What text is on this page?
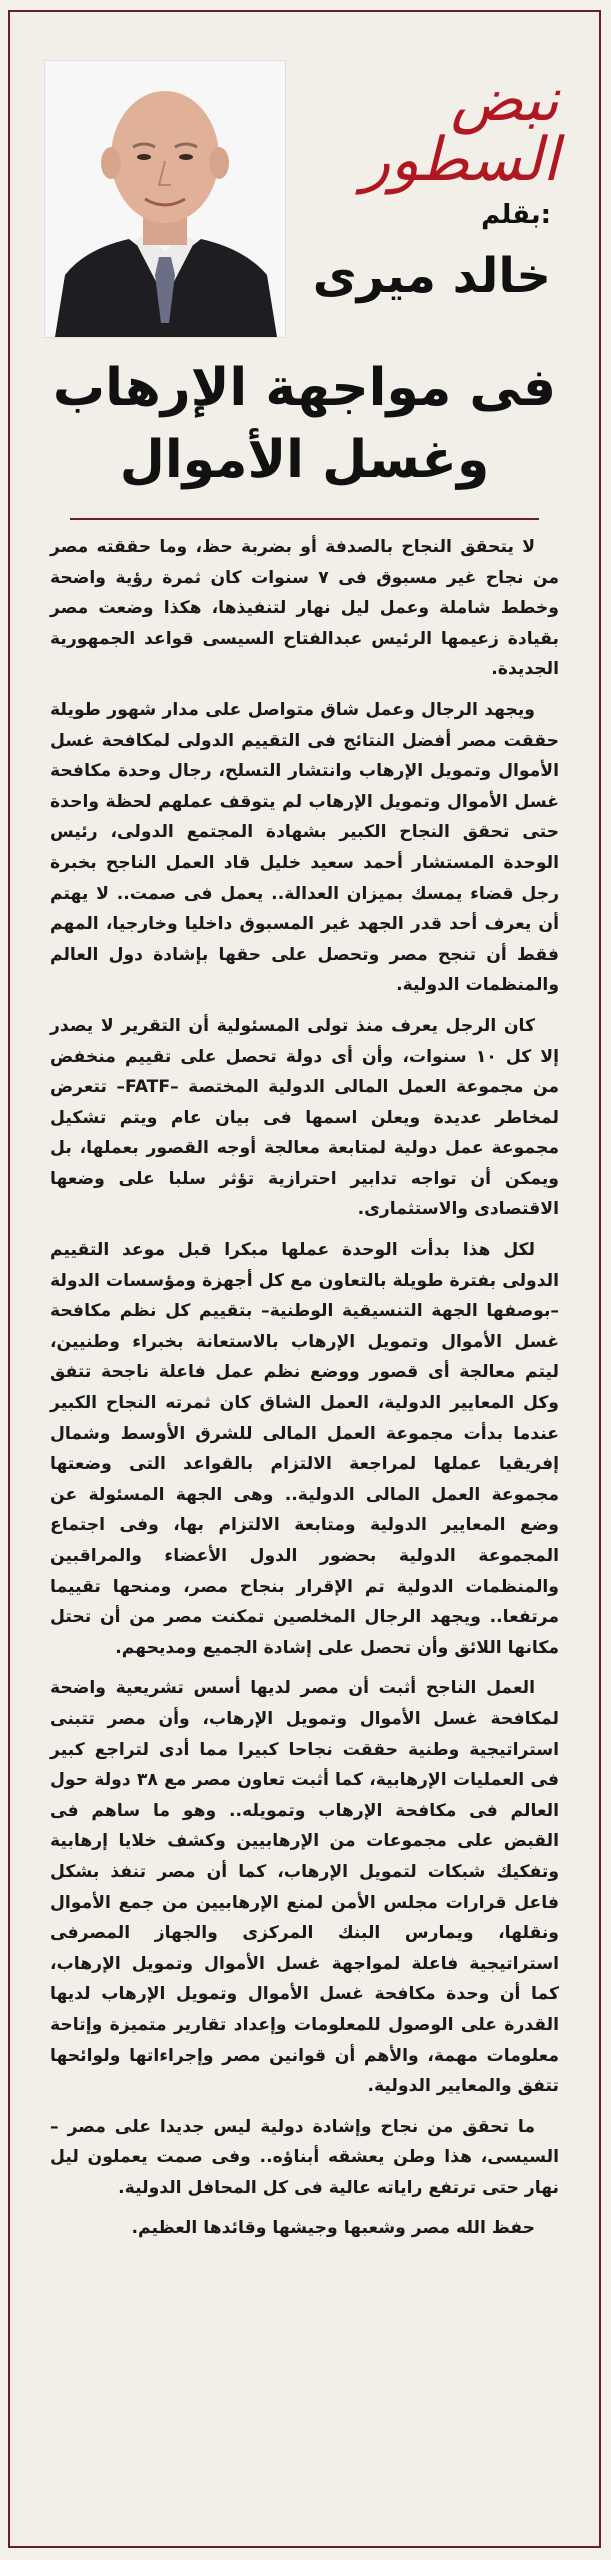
نبض السطور
بقلم:
خالد ميرى
فى مواجهة الإرهاب
وغسل الأموال

لا يتحقق النجاح بالصدفة أو بضربة حظ، وما حققته مصر من نجاح غير مسبوق فى ٧ سنوات كان ثمرة رؤية واضحة وخطط شاملة وعمل ليل نهار لتنفيذها، هكذا وضعت مصر بقيادة زعيمها الرئيس عبدالفتاح السيسى قواعد الجمهورية الجديدة.

ويجهد الرجال وعمل شاق متواصل على مدار شهور طويلة حققت مصر أفضل النتائج فى التقييم الدولى لمكافحة غسل الأموال وتمويل الإرهاب وانتشار التسلح، رجال وحدة مكافحة غسل الأموال وتمويل الإرهاب لم يتوقف عملهم لحظة واحدة حتى تحقق النجاح الكبير بشهادة المجتمع الدولى، رئيس الوحدة المستشار أحمد سعيد خليل قاد العمل الناجح بخبرة رجل قضاء يمسك بميزان العدالة.. يعمل فى صمت.. لا يهتم أن يعرف أحد قدر الجهد غير المسبوق داخليا وخارجيا، المهم فقط أن تنجح مصر وتحصل على حقها بإشادة دول العالم والمنظمات الدولية.

كان الرجل يعرف منذ تولى المسئولية أن التقرير لا يصدر إلا كل ١٠ سنوات، وأن أى دولة تحصل على تقييم منخفض من مجموعة العمل المالى الدولية المختصة –FATF– تتعرض لمخاطر عديدة ويعلن اسمها فى بيان عام ويتم تشكيل مجموعة عمل دولية لمتابعة معالجة أوجه القصور بعملها، بل ويمكن أن تواجه تدابير احترازية تؤثر سلبا على وضعها الاقتصادى والاستثمارى.

لكل هذا بدأت الوحدة عملها مبكرا قبل موعد التقييم الدولى بفترة طويلة بالتعاون مع كل أجهزة ومؤسسات الدولة –بوصفها الجهة التنسيقية الوطنية– بتقييم كل نظم مكافحة غسل الأموال وتمويل الإرهاب بالاستعانة بخبراء وطنيين، ليتم معالجة أى قصور ووضع نظم عمل فاعلة ناجحة تتفق وكل المعايير الدولية، العمل الشاق كان ثمرته النجاح الكبير عندما بدأت مجموعة العمل المالى للشرق الأوسط وشمال إفريقيا عملها لمراجعة الالتزام بالقواعد التى وضعتها مجموعة العمل المالى الدولية.. وهى الجهة المسئولة عن وضع المعايير الدولية ومتابعة الالتزام بها، وفى اجتماع المجموعة الدولية بحضور الدول الأعضاء والمراقبين والمنظمات الدولية تم الإقرار بنجاح مصر، ومنحها تقييما مرتفعا.. ويجهد الرجال المخلصين تمكنت مصر من أن تحتل مكانها اللائق وأن تحصل على إشادة الجميع ومديحهم.

العمل الناجح أثبت أن مصر لديها أسس تشريعية واضحة لمكافحة غسل الأموال وتمويل الإرهاب، وأن مصر تتبنى استراتيجية وطنية حققت نجاحا كبيرا مما أدى لتراجع كبير فى العمليات الإرهابية، كما أثبت تعاون مصر مع ٣٨ دولة حول العالم فى مكافحة الإرهاب وتمويله.. وهو ما ساهم فى القبض على مجموعات من الإرهابيين وكشف خلايا إرهابية وتفكيك شبكات لتمويل الإرهاب، كما أن مصر تنفذ بشكل فاعل قرارات مجلس الأمن لمنع الإرهابيين من جمع الأموال ونقلها، ويمارس البنك المركزى والجهاز المصرفى استراتيجية فاعلة لمواجهة غسل الأموال وتمويل الإرهاب، كما أن وحدة مكافحة غسل الأموال وتمويل الإرهاب لديها القدرة على الوصول للمعلومات وإعداد تقارير متميزة وإتاحة معلومات مهمة، والأهم أن قوانين مصر وإجراءاتها ولوائحها تتفق والمعايير الدولية.

ما تحقق من نجاح وإشادة دولية ليس جديدا على مصر – السيسى، هذا وطن يعشقه أبناؤه.. وفى صمت يعملون ليل نهار حتى ترتفع راياته عالية فى كل المحافل الدولية.

حفظ الله مصر وشعبها وجيشها وقائدها العظيم.
